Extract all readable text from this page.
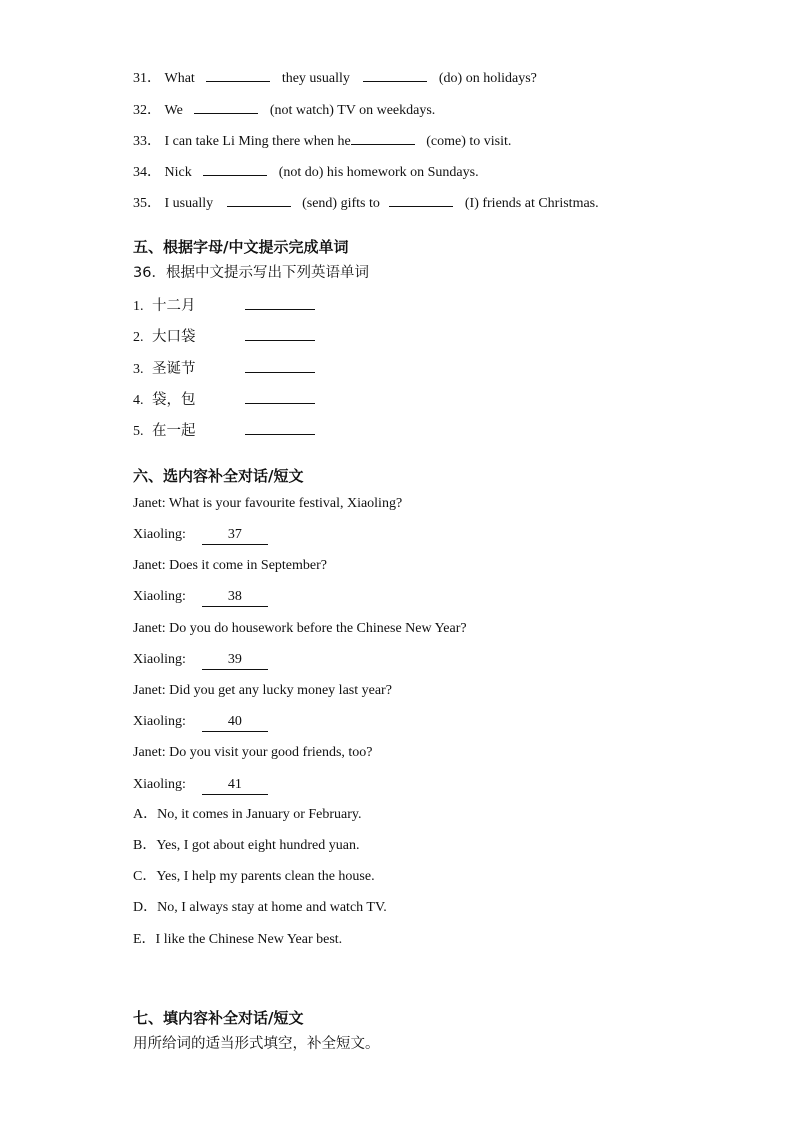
31． What	they usually	(do) on holidays?
32． We	(not watch) TV on weekdays.
33． I can take Li Ming there when he	(come) to visit.
34． Nick	(not do) his homework on Sundays.
35． I usually	(send) gifts to	(I) friends at Christmas.
五、根据字母/中文提示完成单词
36．根据中文提示写出下列英语单词
1. 十二月
2. 大口袋
3. 圣诞节
4. 袋，包
5. 在一起
六、选内容补全对话/短文
Janet: What is your favourite festival, Xiaoling?
Xiaoling:	37
Janet: Does it come in September?
Xiaoling:	38
Janet: Do you do housework before the Chinese New Year?
Xiaoling:	39
Janet: Did you get any lucky money last year?
Xiaoling:	40
Janet: Do you visit your good friends, too?
Xiaoling:	41
A．No, it comes in January or February.
B．Yes, I got about eight hundred yuan.
C．Yes, I help my parents clean the house.
D．No, I always stay at home and watch TV.
E．I like the Chinese New Year best.
七、填内容补全对话/短文
用所给词的适当形式填空，补全短文。
